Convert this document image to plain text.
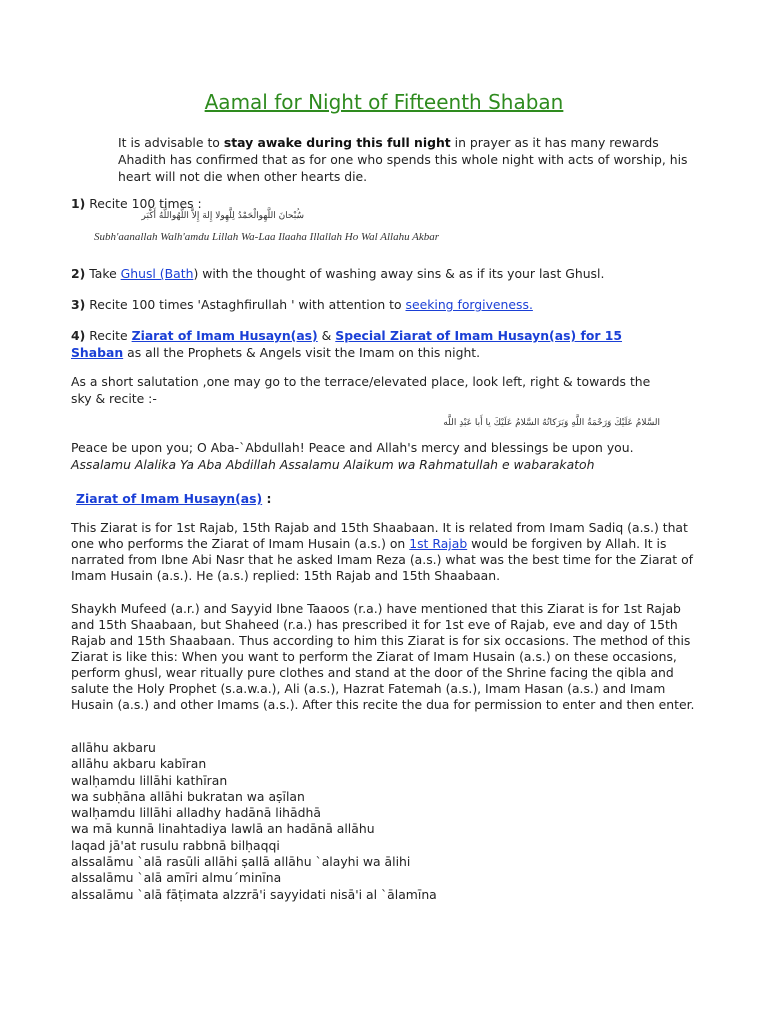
Aamal for Night of Fifteenth Shaban
It is advisable to stay awake during this full night in prayer as it has many rewards Ahadith has confirmed that as for one who spends this whole night with acts of worship, his heart will not die when other hearts die.
1) Recite 100 times :
سُبْحانَ اللَّهِوالْحَمْدُ لِلَّهِولا إِلهَ إِلاَّ اللَّهُواللَّهُ أَكْبَر
Subh'aanallah Walh'amdu Lillah Wa-Laa Ilaaha Illallah Ho Wal Allahu Akbar
2) Take Ghusl (Bath) with the thought of washing away sins & as if its your last Ghusl.
3) Recite 100 times 'Astaghfirullah ' with attention to seeking forgiveness.
4) Recite Ziarat of Imam Husayn(as) & Special Ziarat of Imam Husayn(as) for 15 Shaban as all the Prophets & Angels visit the Imam on this night.
As a short salutation ,one may go to the terrace/elevated place, look left, right & towards the sky & recite :-
السَّلامُ عَلَيْكَ وَرَحْمَةُ اللَّهِ وَبَرَكاتُهُ السَّلامُ عَلَيْكَ يا أَبا عَبْدِ اللَّه
Peace be upon you; O Aba-`Abdullah! Peace and Allah's mercy and blessings be upon you. Assalamu Alalika Ya Aba Abdillah Assalamu Alaikum wa Rahmatullah e wabarakatoh
Ziarat of Imam Husayn(as) :
This Ziarat is for 1st Rajab, 15th Rajab and 15th Shaabaan. It is related from Imam Sadiq (a.s.) that one who performs the Ziarat of Imam Husain (a.s.) on 1st Rajab would be forgiven by Allah. It is narrated from Ibne Abi Nasr that he asked Imam Reza (a.s.) what was the best time for the Ziarat of Imam Husain (a.s.). He (a.s.) replied: 15th Rajab and 15th Shaabaan.
Shaykh Mufeed (a.r.) and Sayyid Ibne Taaoos (r.a.) have mentioned that this Ziarat is for 1st Rajab and 15th Shaabaan, but Shaheed (r.a.) has prescribed it for 1st eve of Rajab, eve and day of 15th Rajab and 15th Shaabaan. Thus according to him this Ziarat is for six occasions. The method of this Ziarat is like this: When you want to perform the Ziarat of Imam Husain (a.s.) on these occasions, perform ghusl, wear ritually pure clothes and stand at the door of the Shrine facing the qibla and salute the Holy Prophet (s.a.w.a.), Ali (a.s.), Hazrat Fatemah (a.s.), Imam Hasan (a.s.) and Imam Husain (a.s.) and other Imams (a.s.). After this recite the dua for permission to enter and then enter.
allāhu akbaru
allāhu akbaru kabīran
walḥamdu lillāhi kathīran
wa subḥāna allāhi bukratan wa aṣīlan
walḥamdu lillāhi alladhy hadānā lihādhā
wa mā kunnā linahtadiya lawlā an hadānā allāhu
laqad jā'at rusulu rabbnā bilḥaqqi
alssalāmu `alā rasūli allāhi ṣallā allāhu `alayhi wa ālihi
alssalāmu `alā amīri almu´minīna
alssalāmu `alā fāṭimata alzzrā'i sayyidati nisā'i al `ālamīna
